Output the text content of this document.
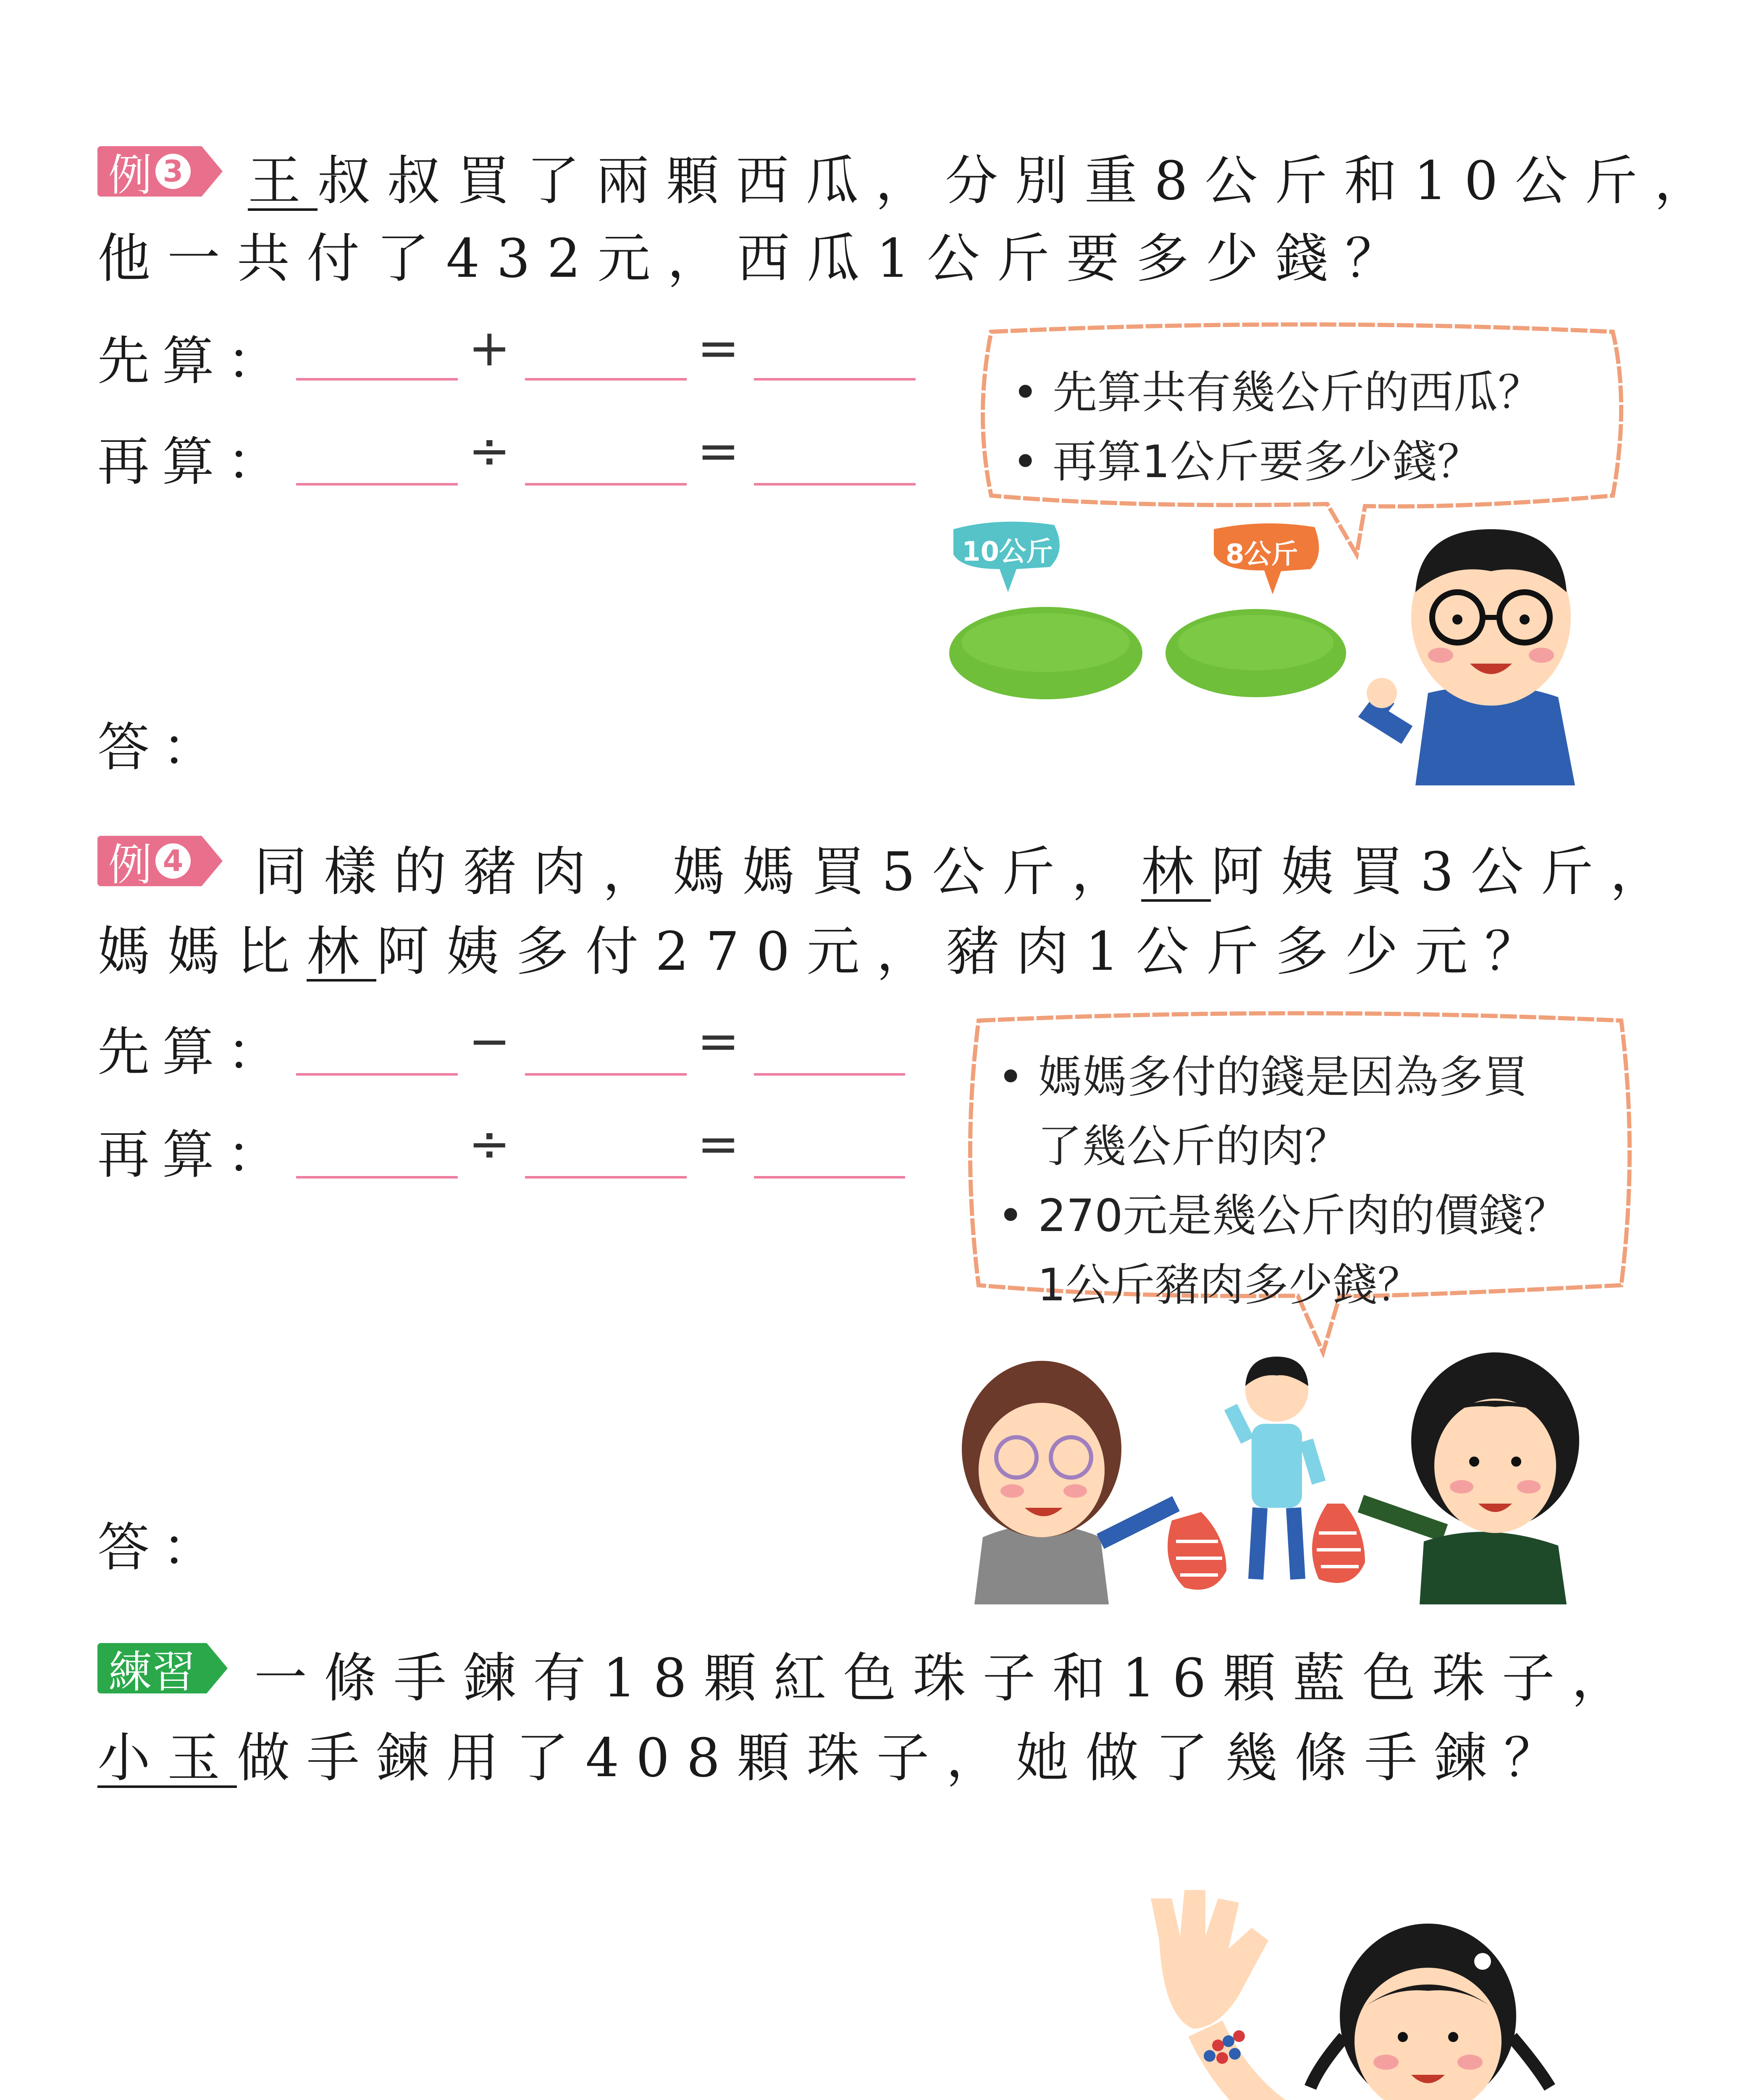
例 3 王叔叔買了兩顆西瓜，分別重8公斤和10公斤，
他一共付了432元，西瓜1公斤要多少錢？
先算：	+	=
再算：	÷	=
答：
• 先算共有幾公斤的西瓜？
• 再算1公斤要多少錢？
10公斤	8公斤
例 4 同樣的豬肉，媽媽買5公斤，林阿姨買3公斤，
媽媽比林阿姨多付270元，豬肉1公斤多少元？
先算：	−	=
再算：	÷	=
答：
• 媽媽多付的錢是因為多買
了幾公斤的肉？
• 270元是幾公斤肉的價錢？
1公斤豬肉多少錢？
練習 一條手鍊有18顆紅色珠子和16顆藍色珠子，
小玉做手鍊用了408顆珠子，她做了幾條手鍊？
